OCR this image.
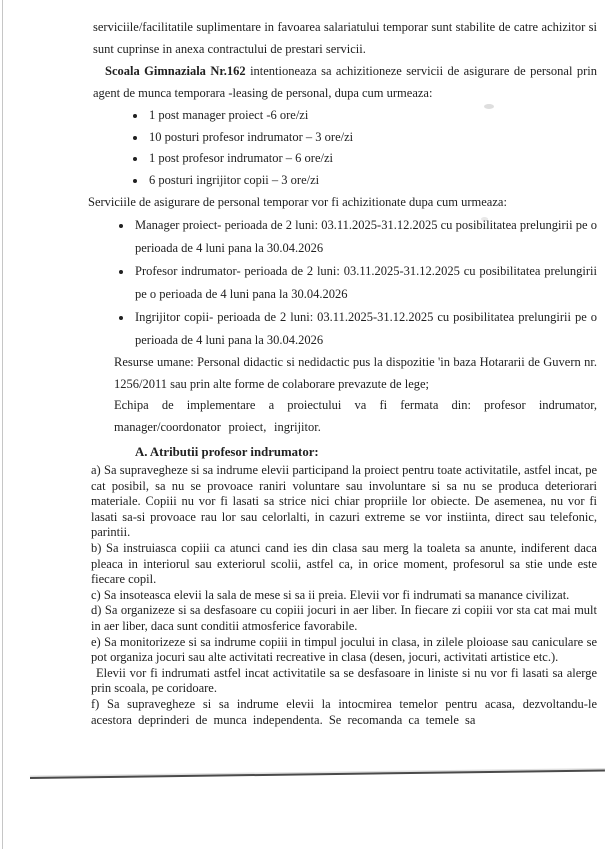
serviciile/facilitatile suplimentare in favoarea salariatului temporar sunt stabilite de catre achizitor si sunt cuprinse in anexa contractului de prestari servicii.

Scoala Gimnaziala Nr.162 intentioneaza sa achizitioneze servicii de asigurare de personal prin agent de munca temporara -leasing de personal, dupa cum urmeaza:

• 1 post manager proiect -6 ore/zi
• 10 posturi profesor indrumator – 3 ore/zi
• 1 post profesor indrumator – 6 ore/zi
• 6 posturi ingrijitor copii – 3 ore/zi

Serviciile de asigurare de personal temporar vor fi achizitionate dupa cum urmeaza:

• Manager proiect- perioada de 2 luni: 03.11.2025-31.12.2025 cu posibilitatea prelungirii pe o perioada de 4 luni pana la 30.04.2026
• Profesor indrumator- perioada de 2 luni: 03.11.2025-31.12.2025 cu posibilitatea prelungirii pe o perioada de 4 luni pana la 30.04.2026
• Ingrijitor copii- perioada de 2 luni: 03.11.2025-31.12.2025 cu posibilitatea prelungirii pe o perioada de 4 luni pana la 30.04.2026

Resurse umane: Personal didactic si nedidactic pus la dispozitie 'in baza Hotararii de Guvern nr. 1256/2011 sau prin alte forme de colaborare prevazute de lege;

Echipa de implementare a proiectului va fi fermata din: profesor indrumator, manager/coordonator proiect, ingrijitor.

A. Atributii profesor indrumator:

a) Sa supravegheze si sa indrume elevii participand la proiect pentru toate activitatile, astfel incat, pe cat posibil, sa nu se provoace raniri voluntare sau involuntare si sa nu se produca deteriorari materiale. Copiii nu vor fi lasati sa strice nici chiar propriile lor obiecte. De asemenea, nu vor fi lasati sa-si provoace rau lor sau celorlalti, in cazuri extreme se vor instiinta, direct sau telefonic, parintii.

b) Sa instruiasca copiii ca atunci cand ies din clasa sau merg la toaleta sa anunte, indiferent daca pleaca in interiorul sau exteriorul scolii, astfel ca, in orice moment, profesorul sa stie unde este fiecare copil.

c) Sa insoteasca elevii la sala de mese si sa ii preia. Elevii vor fi indrumati sa manance civilizat.

d) Sa organizeze si sa desfasoare cu copiii jocuri in aer liber. In fiecare zi copiii vor sta cat mai mult in aer liber, daca sunt conditii atmosferice favorabile.

e) Sa monitorizeze si sa indrume copiii in timpul jocului in clasa, in zilele ploioase sau caniculare se pot organiza jocuri sau alte activitati recreative in clasa (desen, jocuri, activitati artistice etc.).

Elevii vor fi indrumati astfel incat activitatile sa se desfasoare in liniste si nu vor fi lasati sa alerge prin scoala, pe coridoare.

f) Sa supravegheze si sa indrume elevii la intocmirea temelor pentru acasa, dezvoltandu-le acestora deprinderi de munca independenta. Se recomanda ca temele sa
